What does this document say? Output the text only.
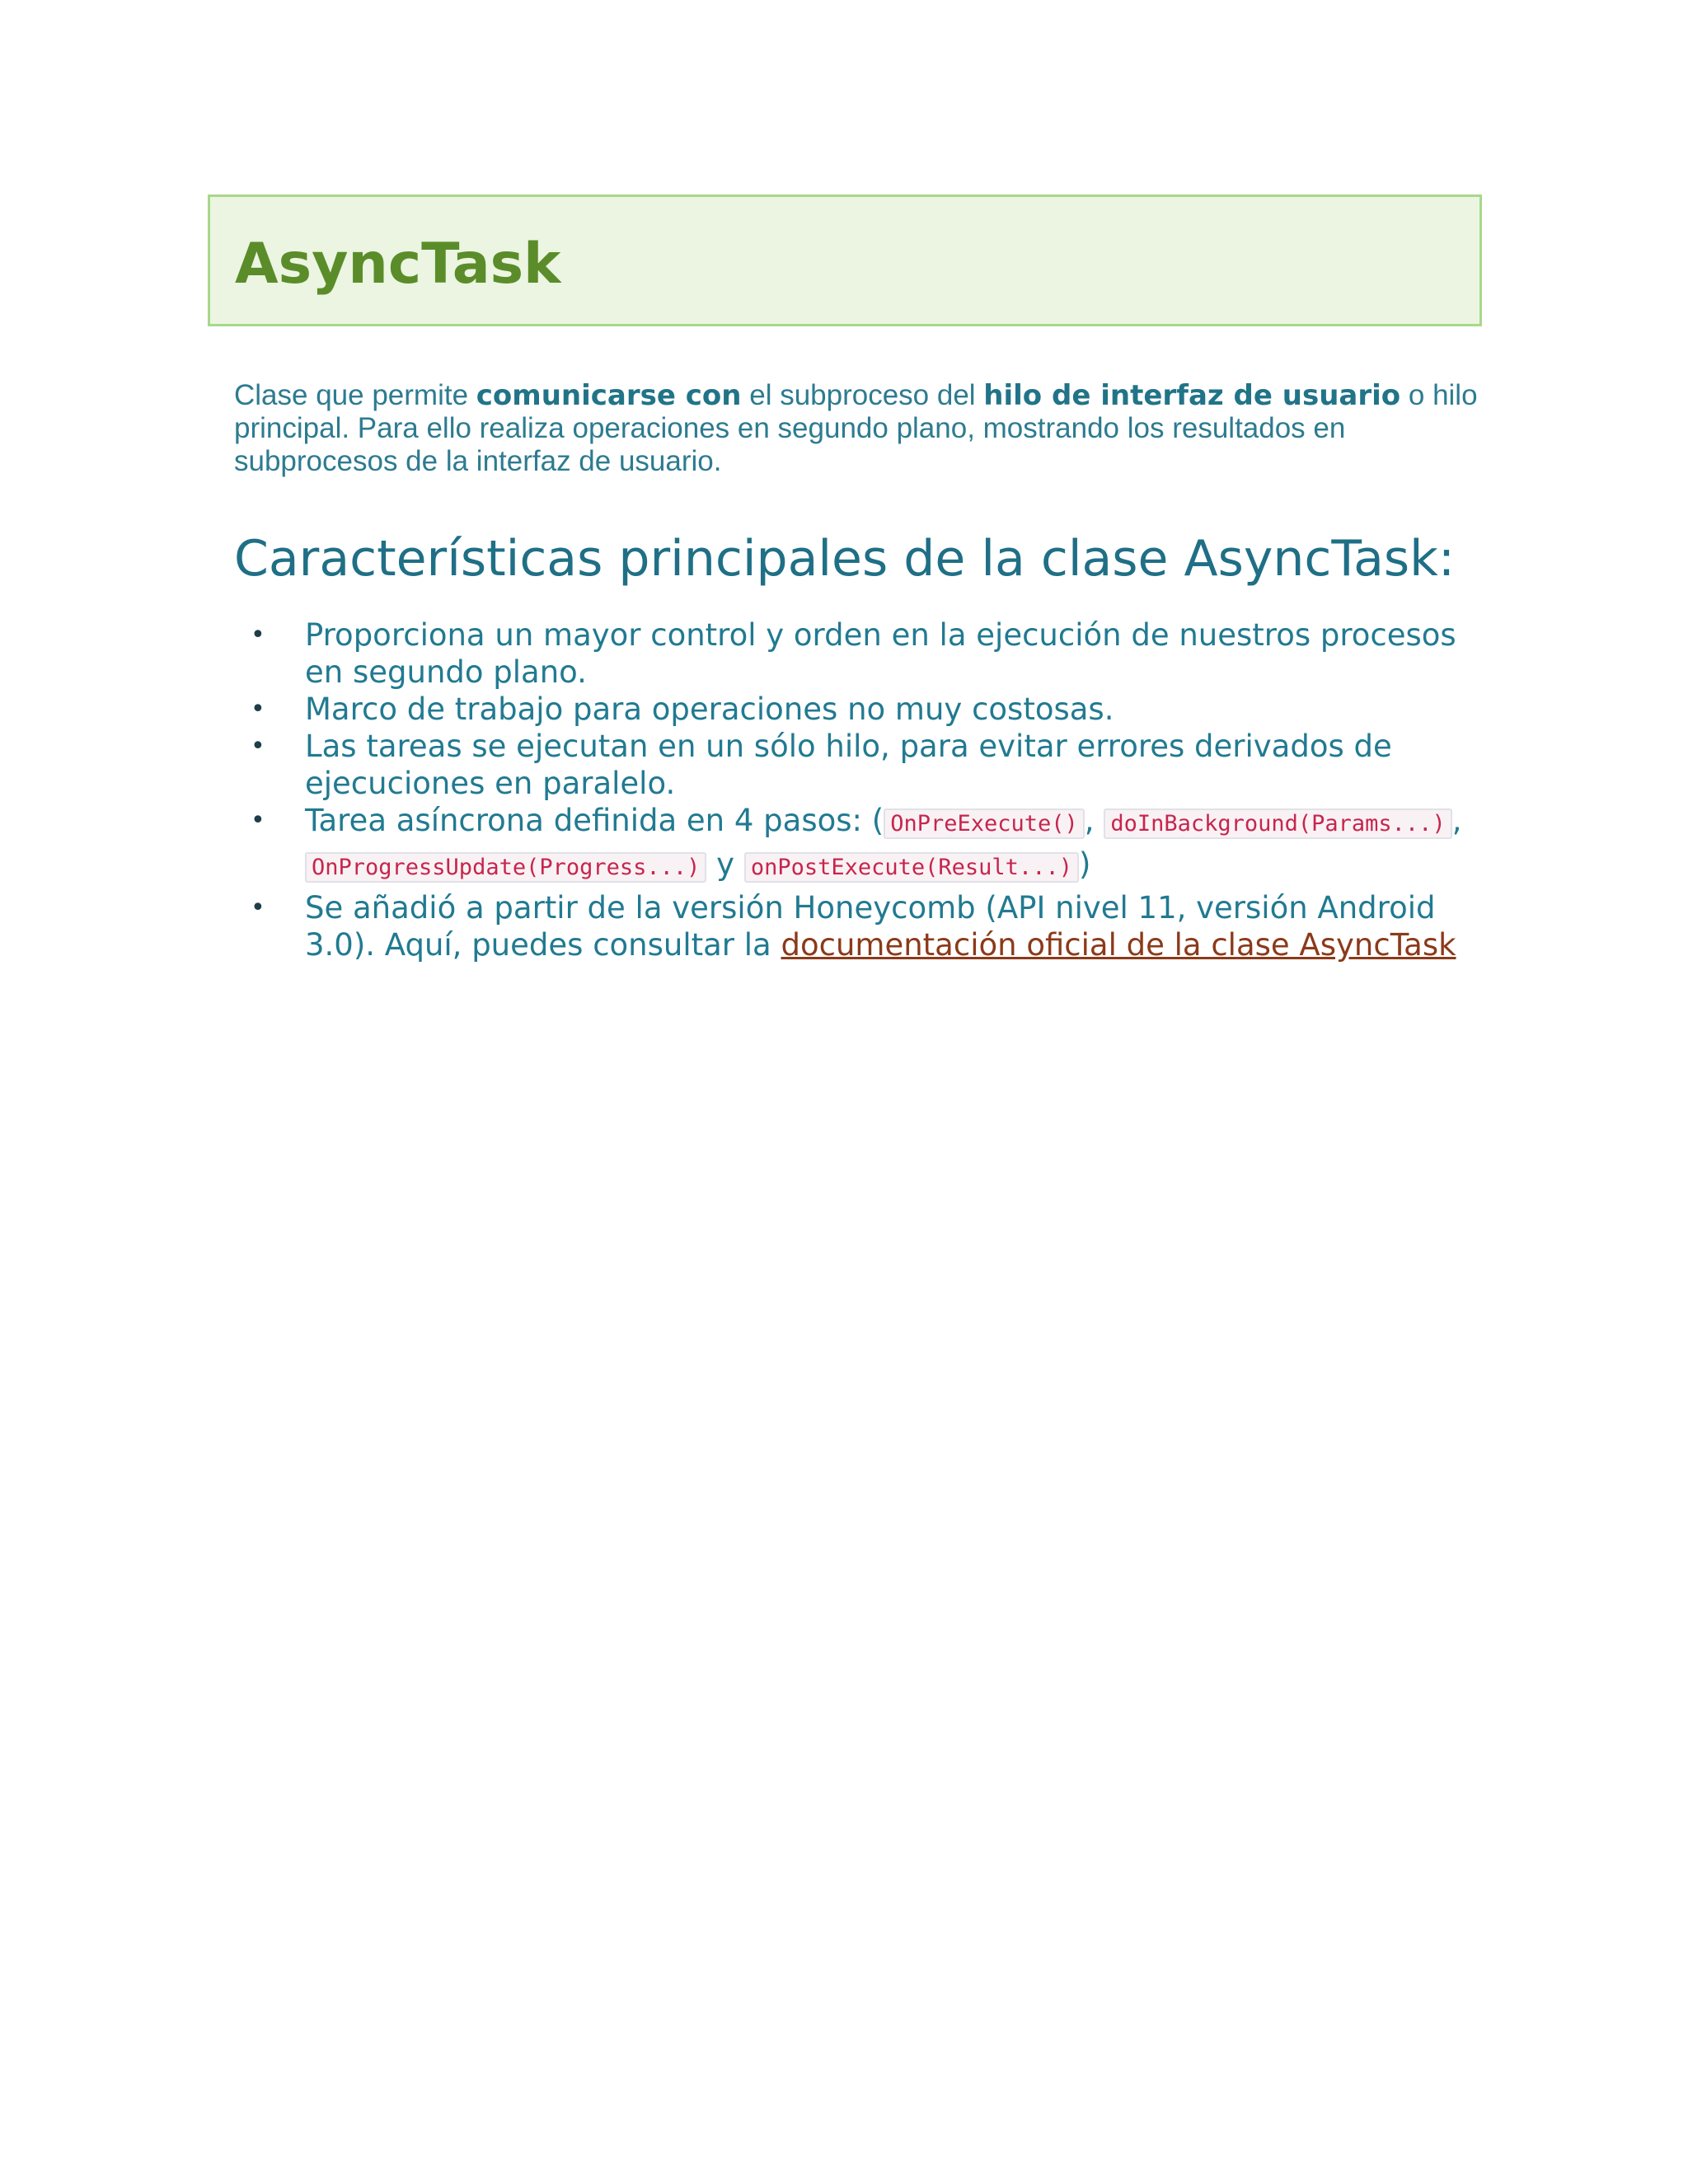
AsyncTask

Clase que permite comunicarse con el subproceso del hilo de interfaz de usuario o hilo principal. Para ello realiza operaciones en segundo plano, mostrando los resultados en subprocesos de la interfaz de usuario.

Características principales de la clase AsyncTask:
• Proporciona un mayor control y orden en la ejecución de nuestros procesos en segundo plano.
• Marco de trabajo para operaciones no muy costosas.
• Las tareas se ejecutan en un sólo hilo, para evitar errores derivados de ejecuciones en paralelo.
• Tarea asíncrona definida en 4 pasos: ( OnPreExecute() , doInBackground(Params...) , OnProgressUpdate(Progress...) y onPostExecute(Result...) )
• Se añadió a partir de la versión Honeycomb (API nivel 11, versión Android 3.0). Aquí, puedes consultar la documentación oficial de la clase AsyncTask
